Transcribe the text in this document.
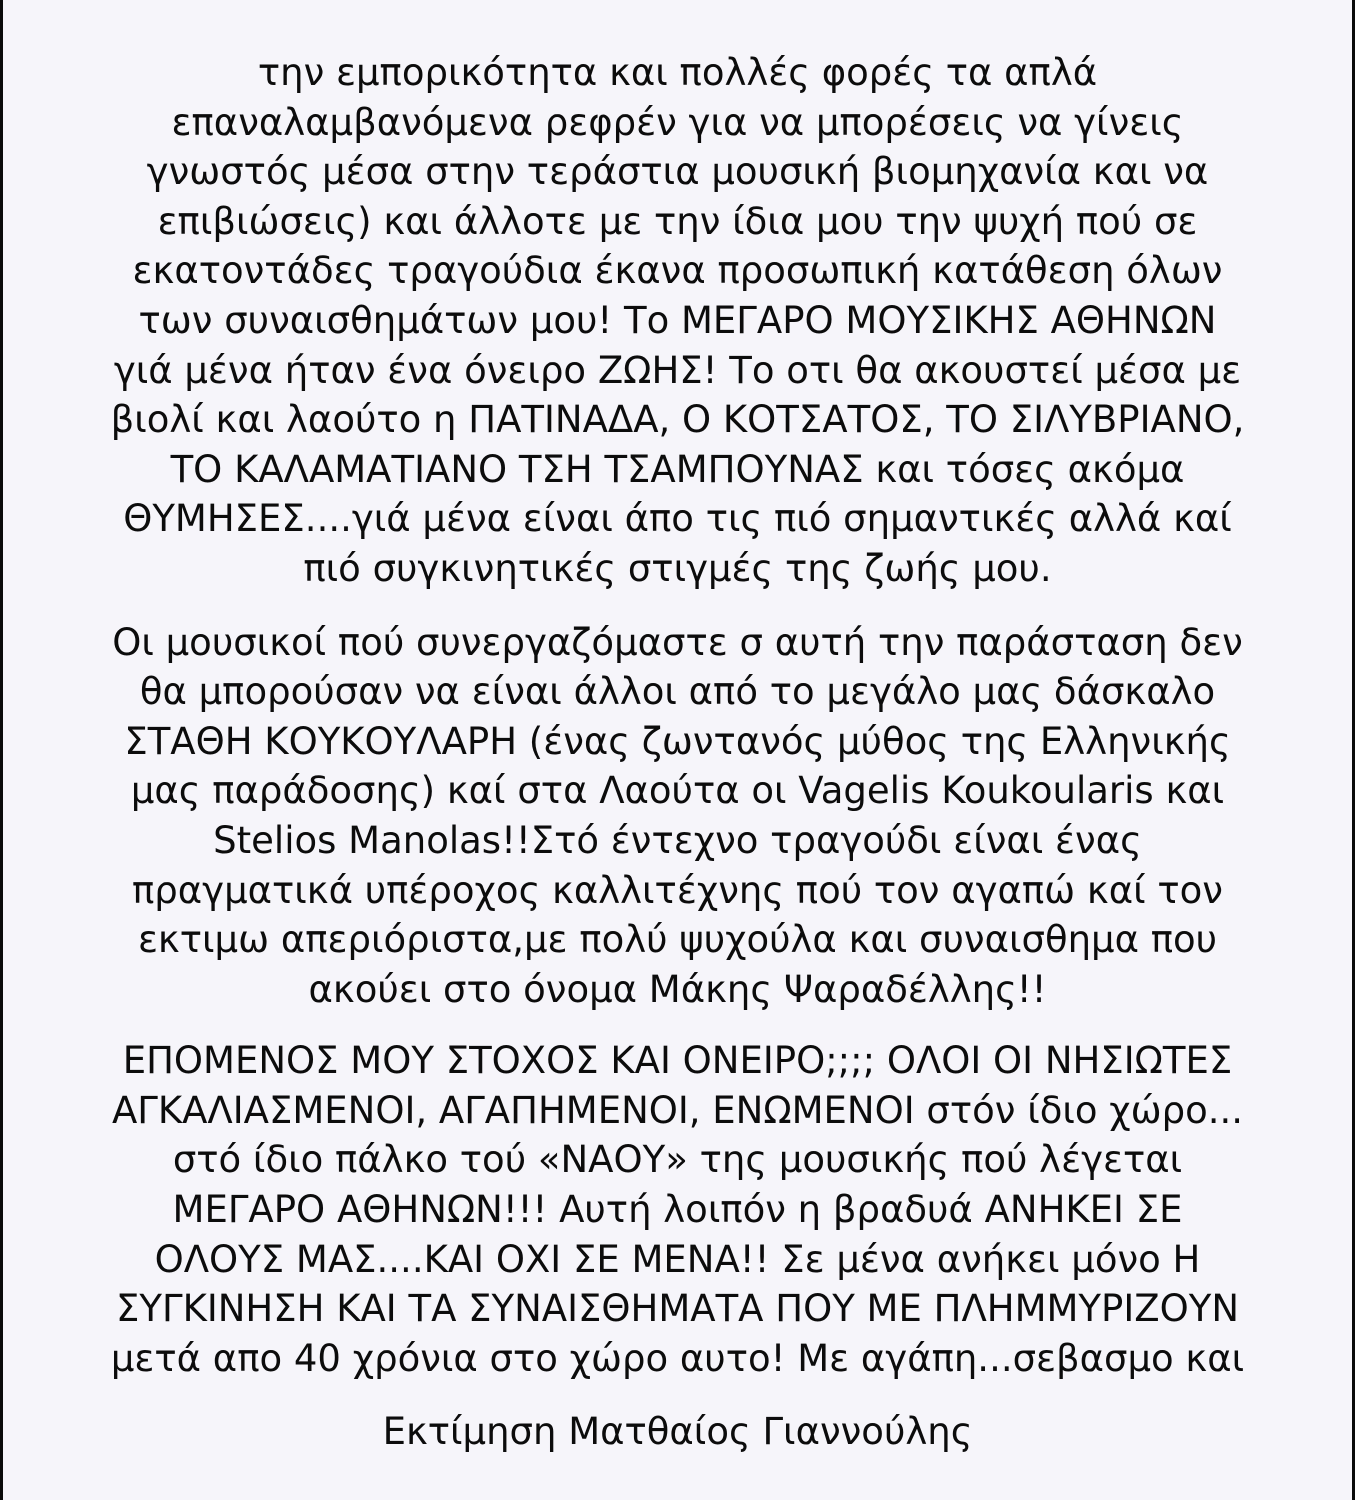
την εμπορικότητα και πολλές φορές τα απλά
επαναλαμβανόμενα ρεφρέν για να μπορέσεις να γίνεις
γνωστός μέσα στην τεράστια μουσική βιομηχανία και να
επιβιώσεις) και άλλοτε με την ίδια μου την ψυχή πού σε
εκατοντάδες τραγούδια έκανα προσωπική κατάθεση όλων
των συναισθημάτων μου! Το ΜΕΓΑΡΟ ΜΟΥΣΙΚΗΣ ΑΘΗΝΩΝ
γιά μένα ήταν ένα όνειρο ΖΩΗΣ! Το οτι θα ακουστεί μέσα με
βιολί και λαούτο η ΠΑΤΙΝΑΔΑ, Ο ΚΟΤΣΑΤΟΣ, ΤΟ ΣΙΛΥΒΡΙΑΝΟ,
ΤΟ ΚΑΛΑΜΑΤΙΑΝΟ ΤΣΗ ΤΣΑΜΠΟΥΝΑΣ και τόσες ακόμα
ΘΥΜΗΣΕΣ....γιά μένα είναι άπο τις πιό σημαντικές αλλά καί
πιό συγκινητικές στιγμές της ζωής μου.
Οι μουσικοί πού συνεργαζόμαστε σ αυτή την παράσταση δεν
θα μπορούσαν να είναι άλλοι από το μεγάλο μας δάσκαλο
ΣΤΑΘΗ ΚΟΥΚΟΥΛΑΡΗ (ένας ζωντανός μύθος της Ελληνικής
μας παράδοσης) καί στα Λαούτα οι Vagelis Koukoularis και
Stelios Manolas!!Στό έντεχνο τραγούδι είναι ένας
πραγματικά υπέροχος καλλιτέχνης πού τον αγαπώ καί τον
εκτιμω απεριόριστα,με πολύ ψυχούλα και συναισθημα που
ακούει στο όνομα Μάκης Ψαραδέλλης!!
ΕΠΟΜΕΝΟΣ ΜΟΥ ΣΤΟΧΟΣ ΚΑΙ ΟΝΕΙΡΟ;;;; ΟΛΟΙ ΟΙ ΝΗΣΙΩΤΕΣ
ΑΓΚΑΛΙΑΣΜΕΝΟΙ, ΑΓΑΠΗΜΕΝΟΙ, ΕΝΩΜΕΝΟΙ στόν ίδιο χώρο...
στό ίδιο πάλκο τού «ΝΑΟΥ» της μουσικής πού λέγεται
ΜΕΓΑΡΟ ΑΘΗΝΩΝ!!! Αυτή λοιπόν η βραδυά ΑΝΗΚΕΙ ΣΕ
ΟΛΟΥΣ ΜΑΣ....ΚΑΙ ΟΧΙ ΣΕ ΜΕΝΑ!! Σε μένα ανήκει μόνο Η
ΣΥΓΚΙΝΗΣΗ ΚΑΙ ΤΑ ΣΥΝΑΙΣΘΗΜΑΤΑ ΠΟΥ ΜΕ ΠΛΗΜΜΥΡΙΖΟΥΝ
μετά απο 40 χρόνια στο χώρο αυτο! Με αγάπη...σεβασμο και
Εκτίμηση Ματθαίος Γιαννούλης
